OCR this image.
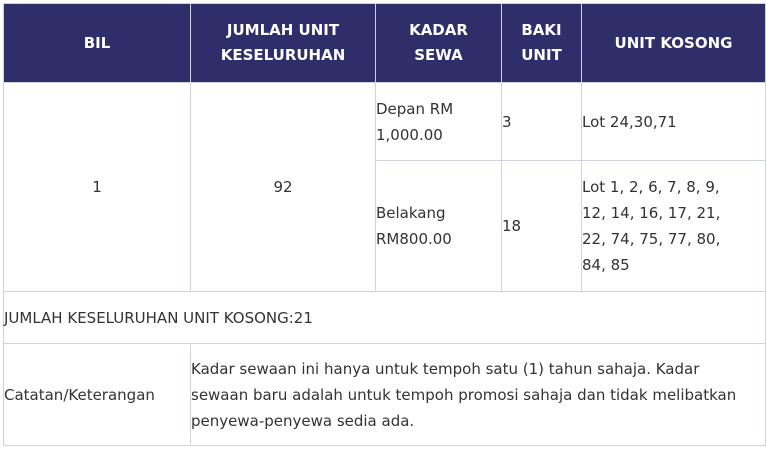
BIL	JUMLAH UNIT KESELURUHAN	KADAR SEWA	BAKI UNIT	UNIT KOSONG
1	92	Depan RM 1,000.00	3	Lot 24,30,71
		Belakang RM800.00	18	Lot 1, 2, 6, 7, 8, 9, 12, 14, 16, 17, 21, 22, 74, 75, 77, 80, 84, 85
JUMLAH KESELURUHAN UNIT KOSONG:21				
Catatan/Keterangan	Kadar sewaan ini hanya untuk tempoh satu (1) tahun sahaja. Kadar sewaan baru adalah untuk tempoh promosi sahaja dan tidak melibatkan penyewa-penyewa sedia ada.			
